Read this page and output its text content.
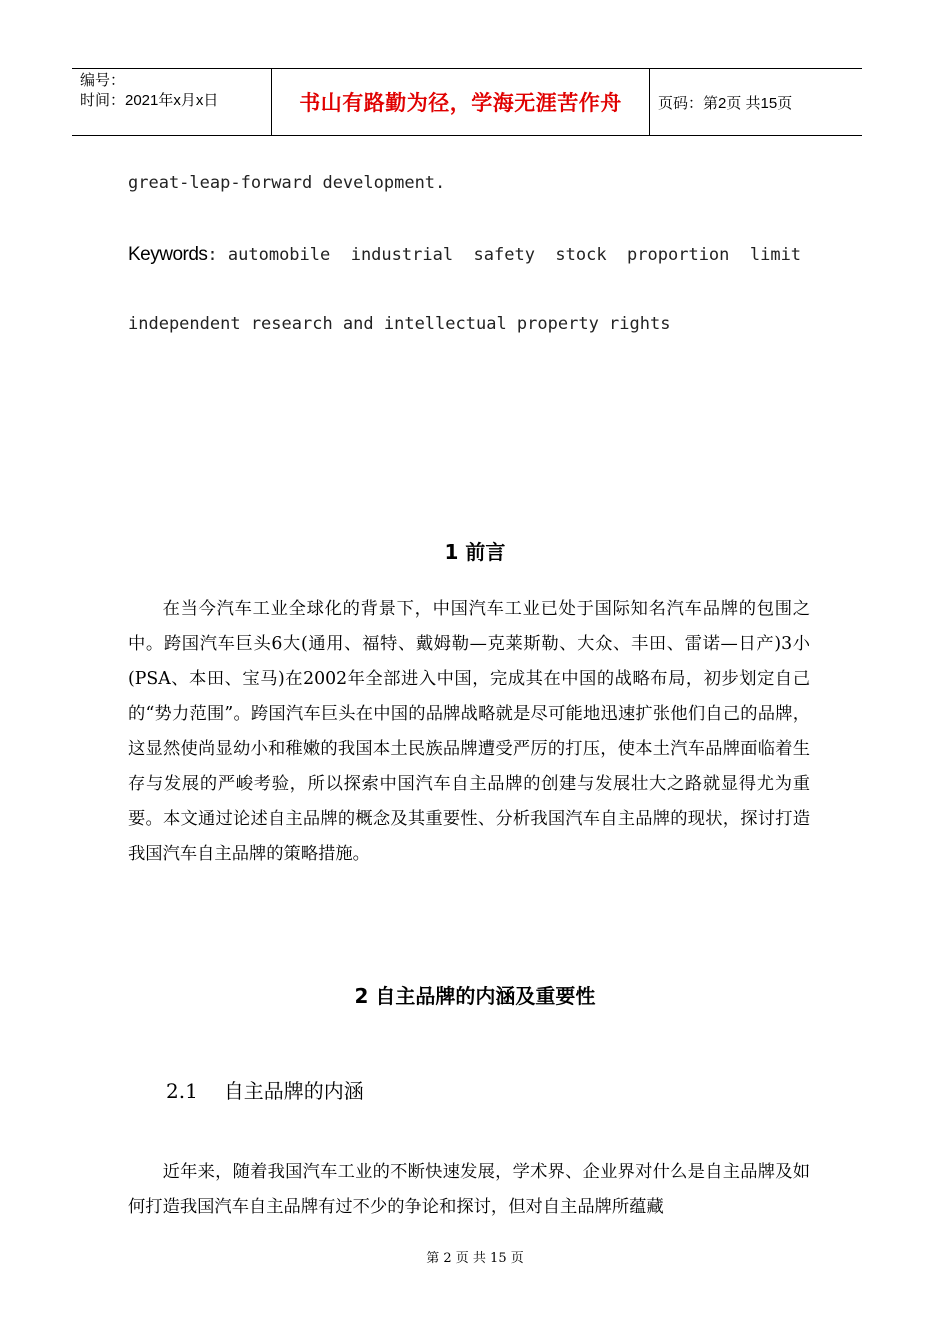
编号：
时间：2021年x月x日	书山有路勤为径，学海无涯苦作舟 页码：第2页 共15页
great-leap-forward development.
Keywords: automobile  industrial  safety  stock  proportion  limit
independent research and intellectual property rights
1 前言

在当今汽车工业全球化的背景下，中国汽车工业已处于国际知名汽车品牌的包围之中。跨国汽车巨头6大(通用、福特、戴姆勒—克莱斯勒、大众、丰田、雷诺—日产)3小(PSA、本田、宝马)在2002年全部进入中国，完成其在中国的战略布局，初步划定自己的“势力范围”。跨国汽车巨头在中国的品牌战略就是尽可能地迅速扩张他们自己的品牌，这显然使尚显幼小和稚嫩的我国本土民族品牌遭受严厉的打压，使本土汽车品牌面临着生存与发展的严峻考验，所以探索中国汽车自主品牌的创建与发展壮大之路就显得尤为重要。本文通过论述自主品牌的概念及其重要性、分析我国汽车自主品牌的现状，探讨打造我国汽车自主品牌的策略措施。

2 自主品牌的内涵及重要性
2.1 自主品牌的内涵

近年来，随着我国汽车工业的不断快速发展，学术界、企业界对什么是自主品牌及如何打造我国汽车自主品牌有过不少的争论和探讨，但对自主品牌所蕴藏

第 2 页 共 15 页
